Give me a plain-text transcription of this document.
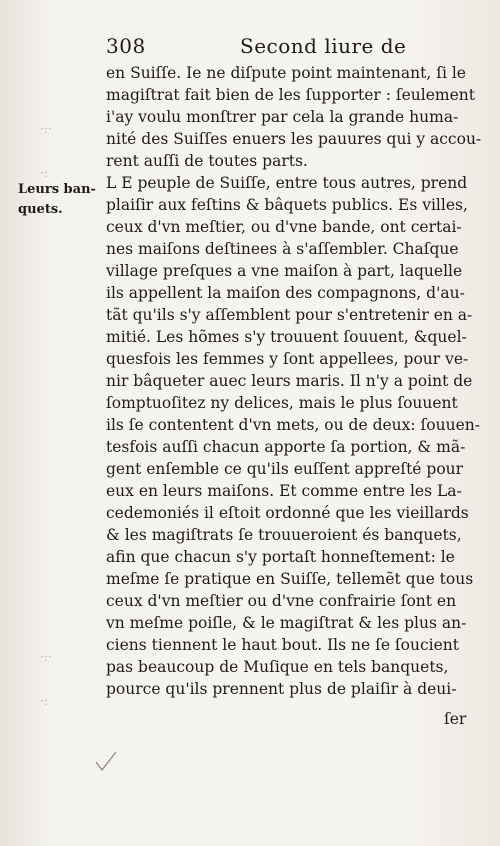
308	Second liure de
·:·
·:
·:·
·:
Leurs ban-
quets.
en Suiſſe. Ie ne diſpute point maintenant, ſi le
magiſtrat fait bien de les ſupporter : ſeulement
i'ay voulu monſtrer par cela la grande huma-
nité des Suiſſes enuers les pauures qui y accou-
rent auſſi de toutes parts.
L E peuple de Suiſſe, entre tous autres, prend
plaiſir aux feſtins & bâquets publics. Es villes,
ceux d'vn meſtier, ou d'vne bande, ont certai-
nes maiſons deſtinees à s'aſſembler. Chaſque
village preſques a vne maiſon à part, laquelle
ils appellent la maiſon des compagnons, d'au-
tãt qu'ils s'y aſſemblent pour s'entretenir en a-
mitié. Les hõmes s'y trouuent ſouuent, &quel-
quesfois les femmes y ſont appellees, pour ve-
nir bâqueter auec leurs maris. Il n'y a point de
ſomptuoſitez ny delices, mais le plus ſouuent
ils ſe contentent d'vn mets, ou de deux: ſouuen-
tesfois auſſi chacun apporte ſa portion, & mã-
gent enſemble ce qu'ils euſſent appreſté pour
eux en leurs maiſons. Et comme entre les La-
cedemoniés il eſtoit ordonné que les vieillards
& les magiſtrats ſe trouueroient és banquets,
afin que chacun s'y portaſt honneſtement: le
meſme ſe pratique en Suiſſe, tellemẽt que tous
ceux d'vn meſtier ou d'vne confrairie ſont en
vn meſme poiſle, & le magiſtrat & les plus an-
ciens tiennent le haut bout. Ils ne ſe ſoucient
pas beaucoup de Muſique en tels banquets,
pource qu'ils prennent plus de plaiſir à deui-
ſer
